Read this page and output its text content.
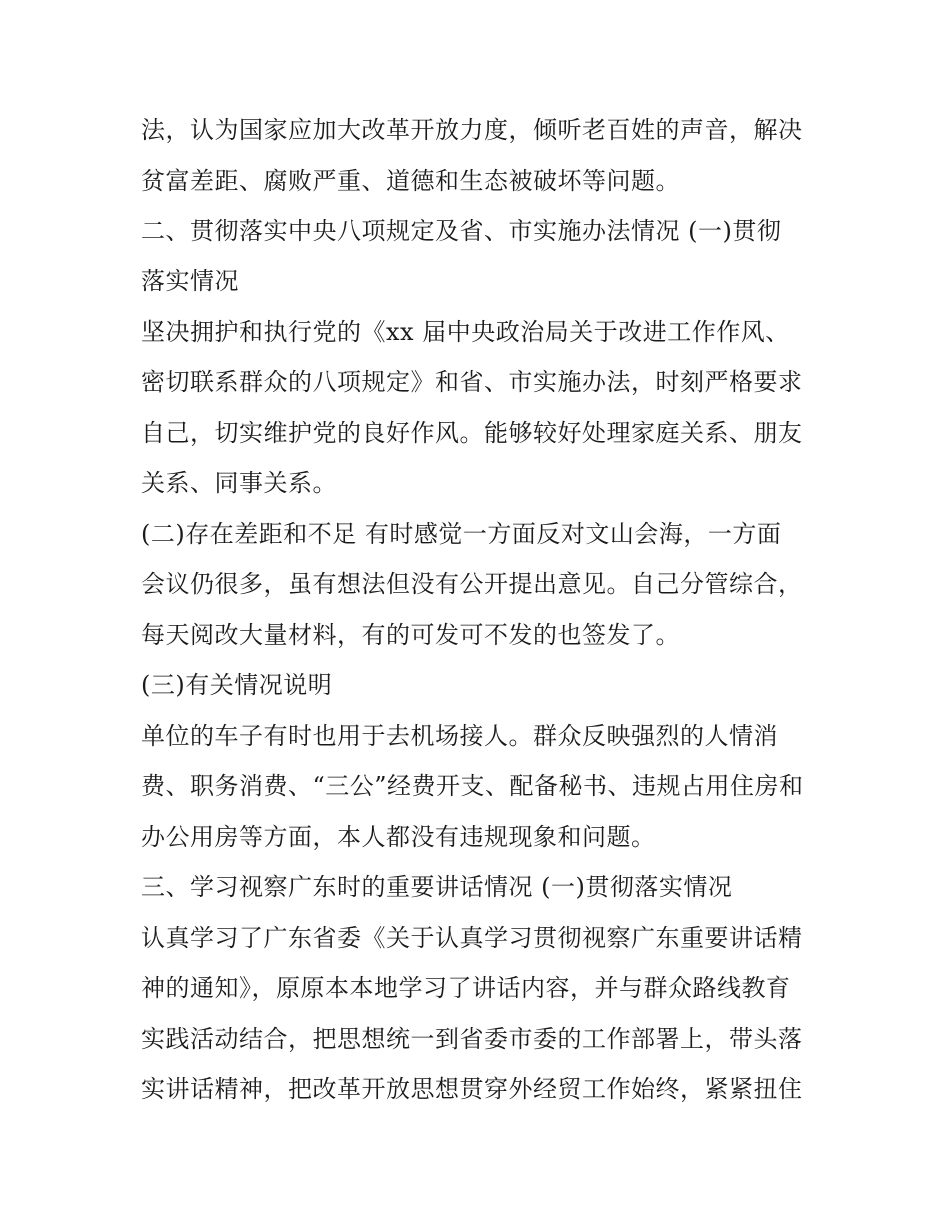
法，认为国家应加大改革开放力度，倾听老百姓的声音，解决
贫富差距、腐败严重、道德和生态被破坏等问题。
二、贯彻落实中央八项规定及省、市实施办法情况 (一)贯彻
落实情况
坚决拥护和执行党的《xx 届中央政治局关于改进工作作风、
密切联系群众的八项规定》和省、市实施办法，时刻严格要求
自己，切实维护党的良好作风。能够较好处理家庭关系、朋友
关系、同事关系。
(二)存在差距和不足 有时感觉一方面反对文山会海，一方面
会议仍很多，虽有想法但没有公开提出意见。自己分管综合，
每天阅改大量材料，有的可发可不发的也签发了。
(三)有关情况说明
单位的车子有时也用于去机场接人。群众反映强烈的人情消
费、职务消费、“三公”经费开支、配备秘书、违规占用住房和
办公用房等方面，本人都没有违规现象和问题。
三、学习视察广东时的重要讲话情况 (一)贯彻落实情况
认真学习了广东省委《关于认真学习贯彻视察广东重要讲话精
神的通知》，原原本本地学习了讲话内容，并与群众路线教育
实践活动结合，把思想统一到省委市委的工作部署上，带头落
实讲话精神，把改革开放思想贯穿外经贸工作始终，紧紧扭住
